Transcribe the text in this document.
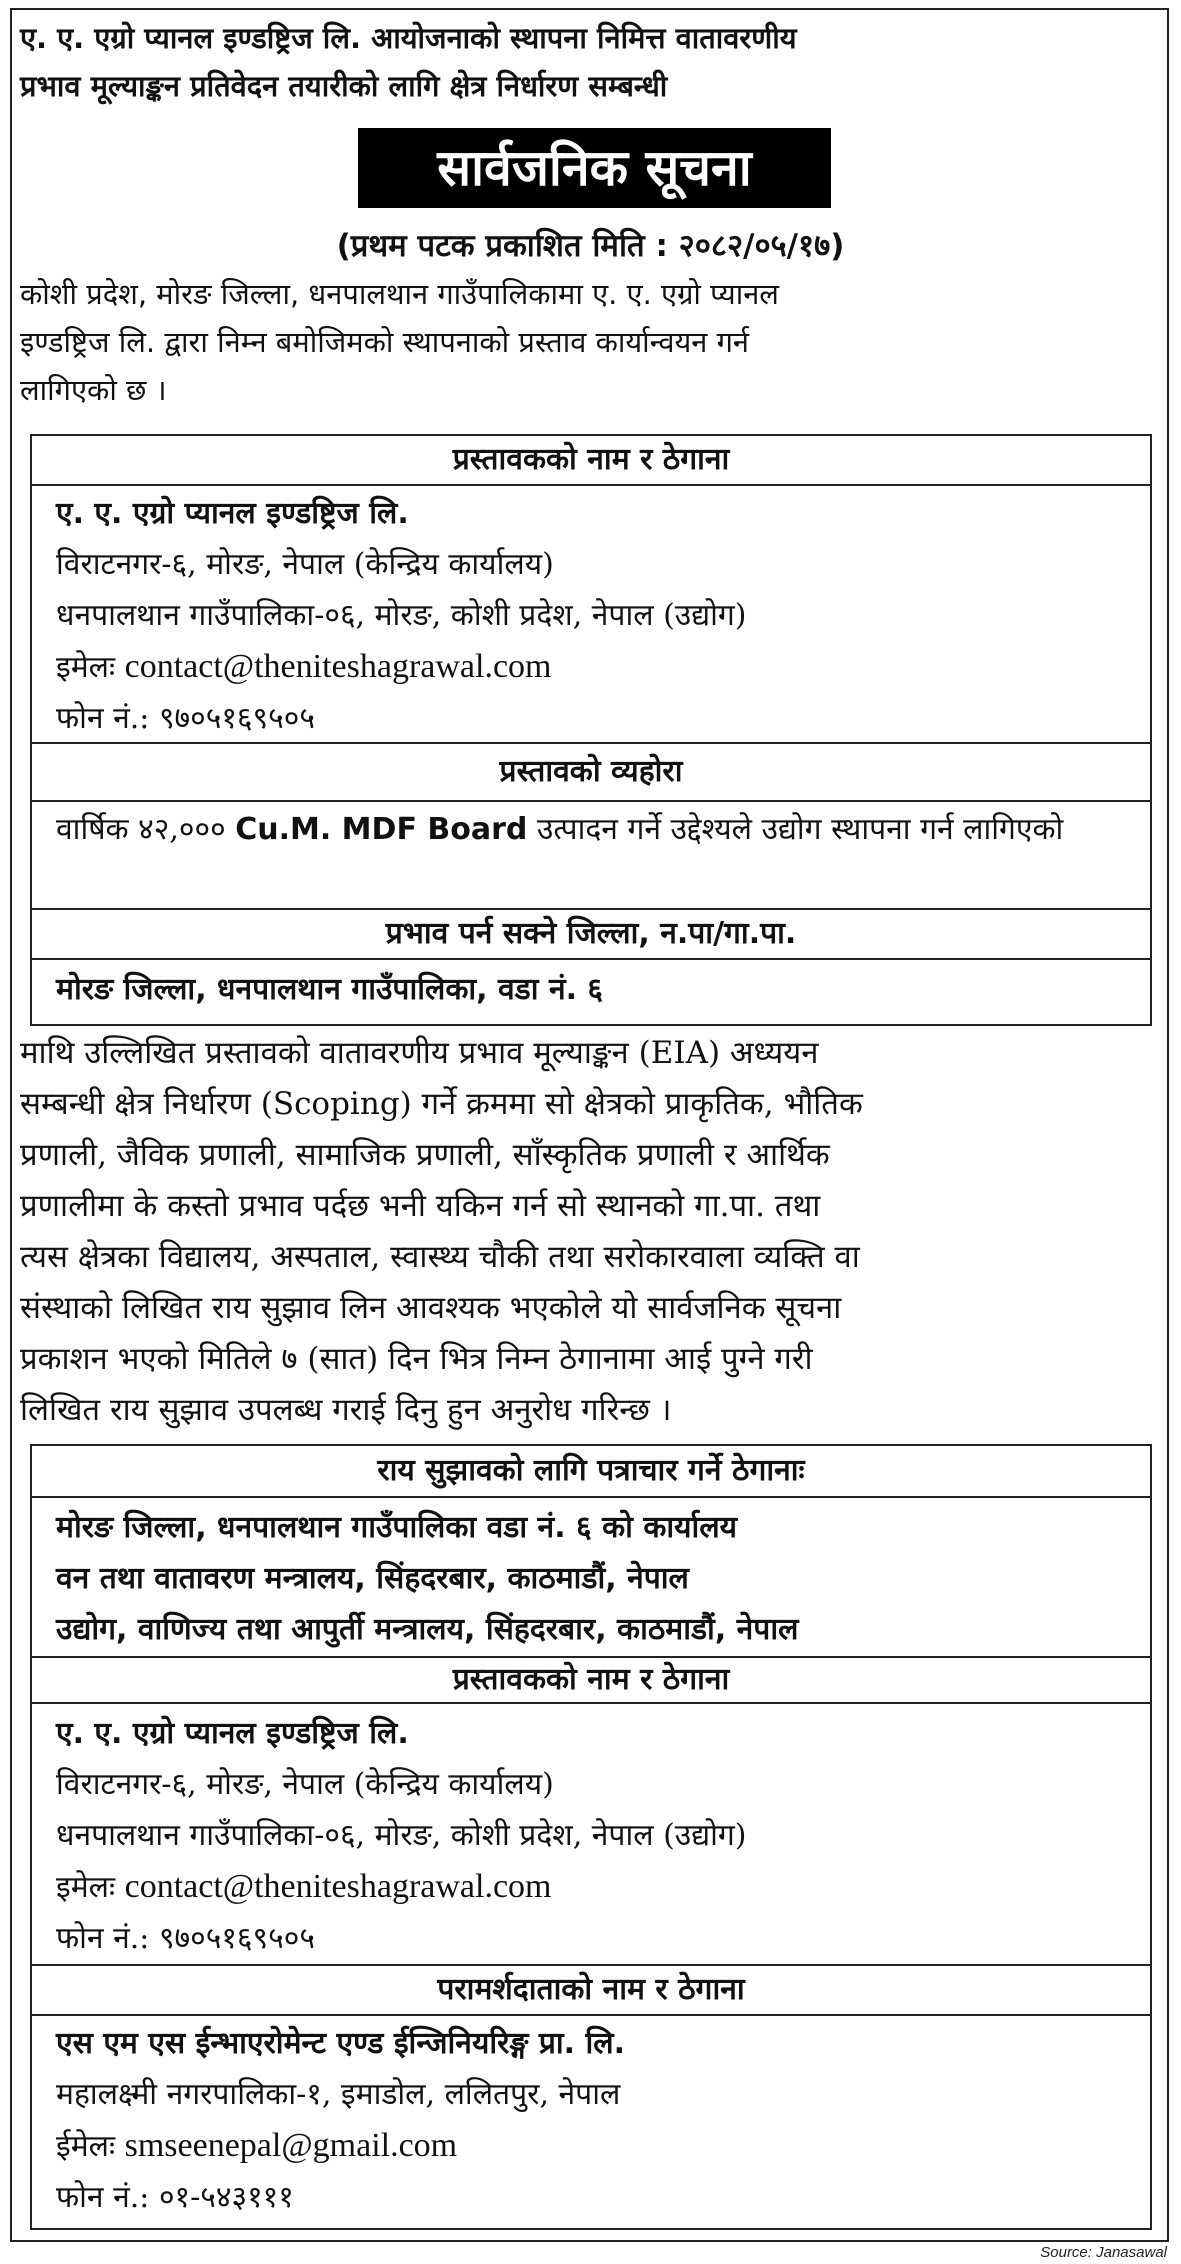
ए. ए. एग्रो प्यानल इण्डष्ट्रिज लि. आयोजनाको स्थापना निमित्त वातावरणीय
प्रभाव मूल्याङ्कन प्रतिवेदन तयारीको लागि क्षेत्र निर्धारण सम्बन्धी
सार्वजनिक सूचना
(प्रथम पटक प्रकाशित मिति : २०८२/०५/१७)
कोशी प्रदेश, मोरङ जिल्ला, धनपालथान गाउँपालिकामा ए. ए. एग्रो प्यानल
इण्डष्ट्रिज लि. द्वारा निम्न बमोजिमको स्थापनाको प्रस्ताव कार्यान्वयन गर्न
लागिएको छ ।
प्रस्तावकको नाम र ठेगाना
ए. ए. एग्रो प्यानल इण्डष्ट्रिज लि.
विराटनगर-६, मोरङ, नेपाल (केन्द्रिय कार्यालय)
धनपालथान गाउँपालिका-०६, मोरङ, कोशी प्रदेश, नेपाल (उद्योग)
इमेलः contact@theniteshagrawal.com
फोन नं.: ९७०५१६९५०५
प्रस्तावको व्यहोरा
वार्षिक ४२,००० Cu.M. MDF Board उत्पादन गर्ने उद्देश्यले उद्योग स्थापना गर्न लागिएको
प्रभाव पर्न सक्ने जिल्ला, न.पा/गा.पा.
मोरङ जिल्ला, धनपालथान गाउँपालिका, वडा नं. ६
माथि उल्लिखित प्रस्तावको वातावरणीय प्रभाव मूल्याङ्कन (EIA) अध्ययन
सम्बन्धी क्षेत्र निर्धारण (Scoping) गर्ने क्रममा सो क्षेत्रको प्राकृतिक, भौतिक
प्रणाली, जैविक प्रणाली, सामाजिक प्रणाली, साँस्कृतिक प्रणाली र आर्थिक
प्रणालीमा के कस्तो प्रभाव पर्दछ भनी यकिन गर्न सो स्थानको गा.पा. तथा
त्यस क्षेत्रका विद्यालय, अस्पताल, स्वास्थ्य चौकी तथा सरोकारवाला व्यक्ति वा
संस्थाको लिखित राय सुझाव लिन आवश्यक भएकोले यो सार्वजनिक सूचना
प्रकाशन भएको मितिले ७ (सात) दिन भित्र निम्न ठेगानामा आई पुग्ने गरी
लिखित राय सुझाव उपलब्ध गराई दिनु हुन अनुरोध गरिन्छ ।
राय सुझावको लागि पत्राचार गर्ने ठेगानाः
मोरङ जिल्ला, धनपालथान गाउँपालिका वडा नं. ६ को कार्यालय
वन तथा वातावरण मन्त्रालय, सिंहदरबार, काठमाडौं, नेपाल
उद्योग, वाणिज्य तथा आपुर्ती मन्त्रालय, सिंहदरबार, काठमाडौं, नेपाल
प्रस्तावकको नाम र ठेगाना
ए. ए. एग्रो प्यानल इण्डष्ट्रिज लि.
विराटनगर-६, मोरङ, नेपाल (केन्द्रिय कार्यालय)
धनपालथान गाउँपालिका-०६, मोरङ, कोशी प्रदेश, नेपाल (उद्योग)
इमेलः contact@theniteshagrawal.com
फोन नं.: ९७०५१६९५०५
परामर्शदाताको नाम र ठेगाना
एस एम एस ईन्भाएरोमेन्ट एण्ड ईन्जिनियरिङ्ग प्रा. लि.
महालक्ष्मी नगरपालिका-१, इमाडोल, ललितपुर, नेपाल
ईमेलः smseenepal@gmail.com
फोन नं.: ०१-५४३१११
Source: Janasawal
